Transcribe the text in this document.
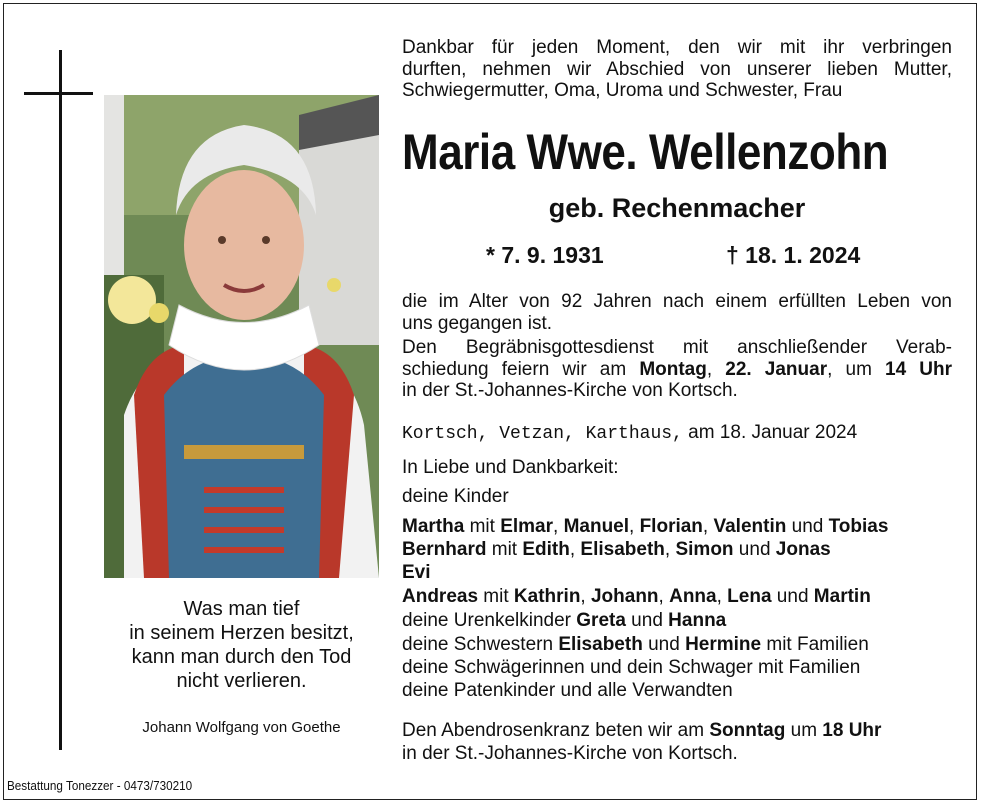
Was man tief
in seinem Herzen besitzt,
kann man durch den Tod
nicht verlieren.
Johann Wolfgang von Goethe
Bestattung Tonezzer - 0473/730210
Dankbar für jeden Moment, den wir mit ihr verbringen
durften, nehmen wir Abschied von unserer lieben Mutter,
Schwiegermutter, Oma, Uroma und Schwester, Frau
Maria Wwe. Wellenzohn
geb. Rechenmacher
* 7. 9. 1931	† 18. 1. 2024
die im Alter von 92 Jahren nach einem erfüllten Leben von
uns gegangen ist.
Den Begräbnisgottesdienst mit anschließender Verab-
schiedung feiern wir am Montag, 22. Januar, um 14 Uhr
in der St.-Johannes-Kirche von Kortsch.
Kortsch, Vetzan, Karthaus, am 18. Januar 2024
In Liebe und Dankbarkeit:
deine Kinder
Martha mit Elmar, Manuel, Florian, Valentin und Tobias
Bernhard mit Edith, Elisabeth, Simon und Jonas
Evi
Andreas mit Kathrin, Johann, Anna, Lena und Martin
deine Urenkelkinder Greta und Hanna
deine Schwestern Elisabeth und Hermine mit Familien
deine Schwägerinnen und dein Schwager mit Familien
deine Patenkinder und alle Verwandten
Den Abendrosenkranz beten wir am Sonntag um 18 Uhr
in der St.-Johannes-Kirche von Kortsch.
